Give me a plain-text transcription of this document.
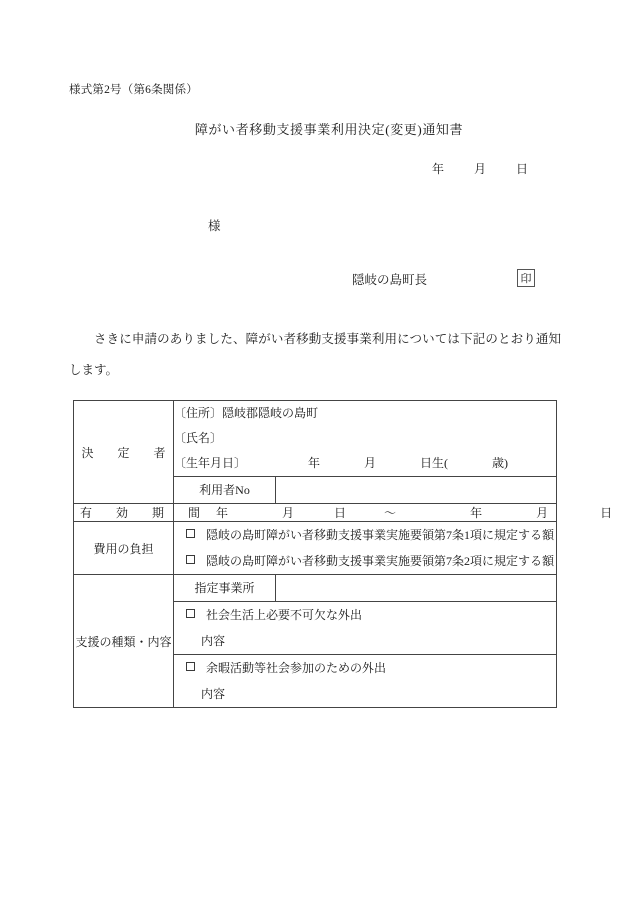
様式第2号（第6条関係）
障がい者移動支援事業利用決定(変更)通知書
年	月	日
様
隠岐の島町長	印
さきに申請のありました、障がい者移動支援事業利用については下記のとおり通知します。
決　定　者	〔住所〕隠岐郡隠岐の島町
〔氏名〕
〔生年月日〕 年 月 日生( 歳)	

	利用者No	
有　効　期　間	年 月 日 ～ 年 月 日	
費用の負担	隠岐の島町障がい者移動支援事業実施要領第7条1項に規定する額
隠岐の島町障がい者移動支援事業実施要領第7条2項に規定する額	

支援の種類・内容	指定事業所	

	社会生活上必要不可欠な外出
内容	

	余暇活動等社会参加のための外出
内容	
